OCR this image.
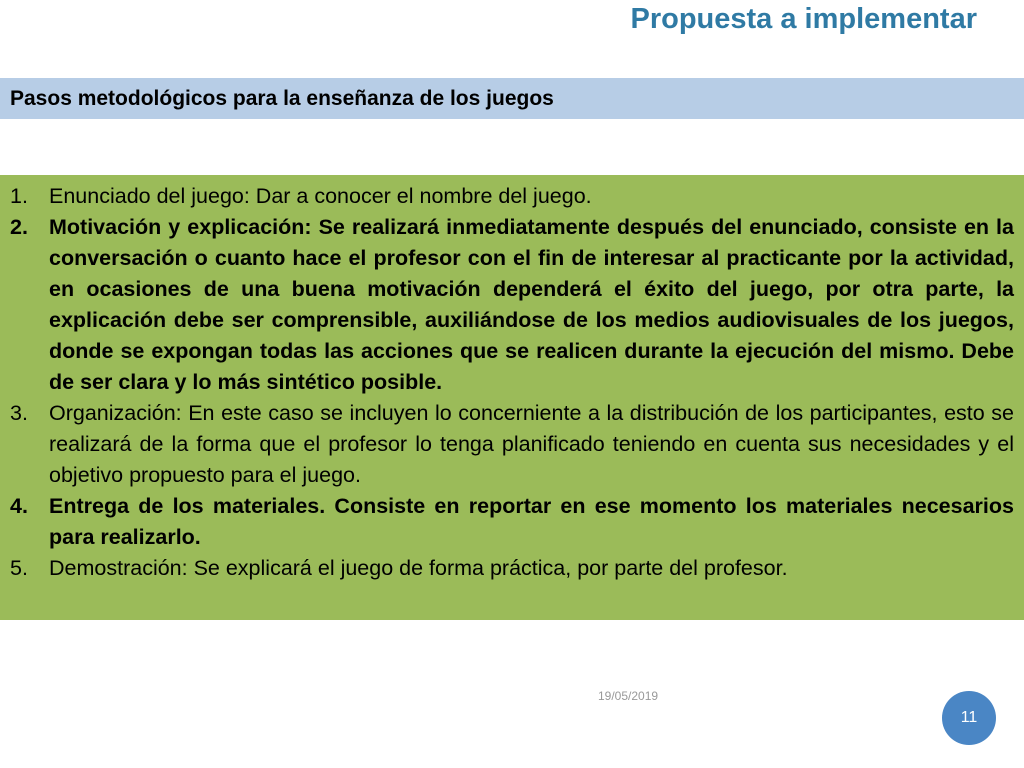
Propuesta a implementar
Pasos metodológicos para la enseñanza de los juegos
1. Enunciado del juego: Dar a conocer el nombre del juego.
2. Motivación y explicación: Se realizará inmediatamente después del enunciado, consiste en la conversación o cuanto hace el profesor con el fin de interesar al practicante por la actividad, en ocasiones de una buena motivación dependerá el éxito del juego, por otra parte, la explicación debe ser comprensible, auxiliándose de los medios audiovisuales de los juegos, donde se expongan todas las acciones que se realicen durante la ejecución del mismo. Debe de ser clara y lo más sintético posible.
3. Organización: En este caso se incluyen lo concerniente a la distribución de los participantes, esto se realizará de la forma que el profesor lo tenga planificado teniendo en cuenta sus necesidades y el objetivo propuesto para el juego.
4. Entrega de los materiales. Consiste en reportar en ese momento los materiales necesarios para realizarlo.
5. Demostración: Se explicará el juego de forma práctica, por parte del profesor.
19/05/2019
11
